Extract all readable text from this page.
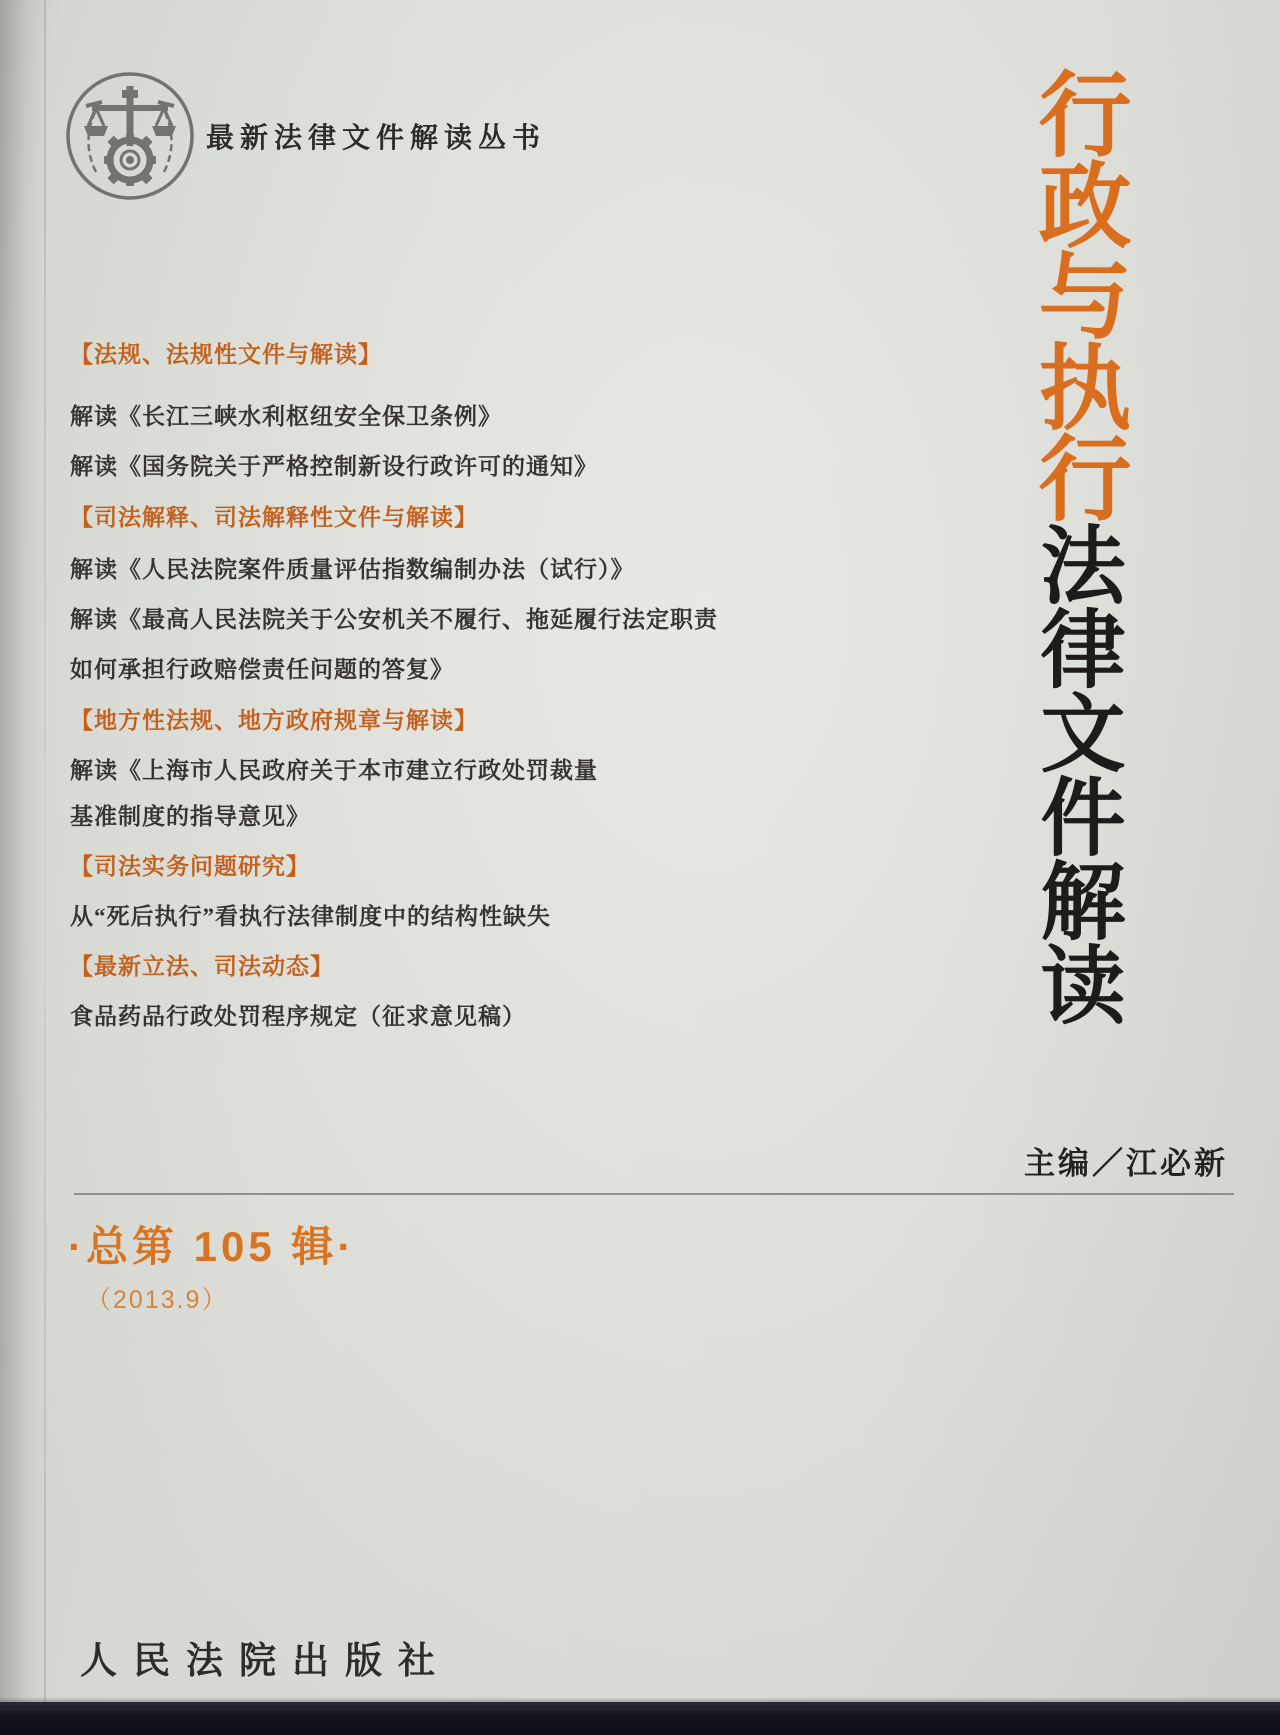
最新法律文件解读丛书	行政与执行法律文件解读
【法规、法规性文件与解读】
解读《长江三峡水利枢纽安全保卫条例》
解读《国务院关于严格控制新设行政许可的通知》
【司法解释、司法解释性文件与解读】
解读《人民法院案件质量评估指数编制办法（试行）》
解读《最高人民法院关于公安机关不履行、拖延履行法定职责
如何承担行政赔偿责任问题的答复》
【地方性法规、地方政府规章与解读】
解读《上海市人民政府关于本市建立行政处罚裁量
基准制度的指导意见》
【司法实务问题研究】
从“死后执行”看执行法律制度中的结构性缺失
【最新立法、司法动态】
食品药品行政处罚程序规定（征求意见稿）
主编／江必新
·总第 105 辑·
（2013.9）
人民法院出版社
